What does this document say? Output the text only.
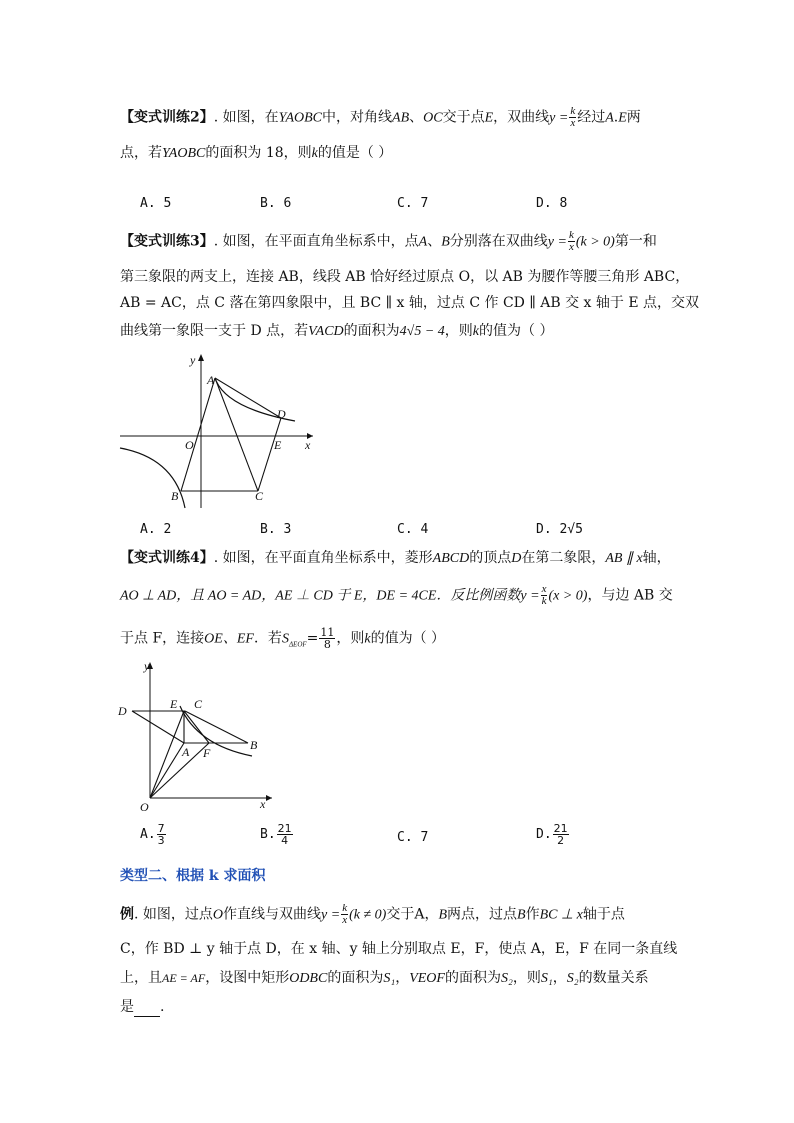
【变式训练2】. 如图，在YAOBC中，对角线AB、OC交于点E，双曲线$y = \frac{k}{x}$ 经过A.E两
点，若YAOBC的面积为 18，则k的值是（ ）
A. 5	B. 6	C. 7	D. 8
【变式训练3】. 如图，在平面直角坐标系中，点A、B分别落在双曲线$y = \frac{k}{x} (k > 0)$第一和
第三象限的两支上，连接 AB，线段 AB 恰好经过原点 O，以 AB 为腰作等腰三角形 ABC，
AB = AC，点 C 落在第四象限中，且 BC ∥ x 轴，过点 C 作 CD ∥ AB 交 x 轴于 E 点，交双
曲线第一象限一支于 D 点，若VACD的面积为4√5 − 4，则k的值为（ ）
y
A
D
O	E x
B	C
A. 2	B. 3	C. 4	D. 2√5
【变式训练4】. 如图，在平面直角坐标系中，菱形ABCD的顶点D在第二象限，AB ∥ x轴，
AO ⊥ AD，且 AO = AD，AE ⊥ CD 于 E，DE = 4CE．反比例函数$y = \frac{x}{k} (x > 0)$，与边 AB 交
于点 F，连接OE、EF．若$S_{\Delta EOF}= \frac{11}{8}$ ，则k的值为（ ）
y
D	E C
A F
B
O	x
A. $\frac{7}{3}$	B. $\frac{21}{4}$	C. 7	D. $\frac{21}{2}$
类型二、根据 k 求面积
例. 如图，过点O作直线与双曲线$y = \frac{k}{x} (k \ne 0)$交于A，B两点，过点B作BC ⊥ x轴于点
C，作 BD ⊥ y 轴于点 D，在 x 轴、y 轴上分别取点 E，F，使点 A，E，F 在同一条直线
上，且AE = AF，设图中矩形ODBC的面积为S₁，VEOF的面积为S₂，则S₁，S₂的数量关系
是 .
